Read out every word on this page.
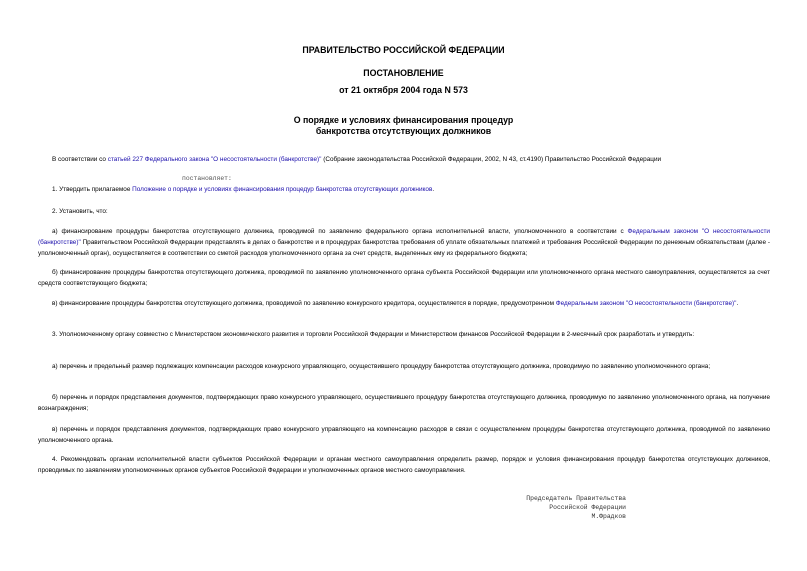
ПРАВИТЕЛЬСТВО РОССИЙСКОЙ ФЕДЕРАЦИИ

ПОСТАНОВЛЕНИЕ

от 21 октября 2004 года N 573

О порядке и условиях финансирования процедур

банкротства отсутствующих должников

В соответствии со статьей 227 Федерального закона "О несостоятельности (банкротстве)" (Собрание законодательства Российской Федерации, 2002, N 43, ст.4190) Правительство Российской Федерации

постановляет:

1. Утвердить прилагаемое Положение о порядке и условиях финансирования процедур банкротства отсутствующих должников.

2. Установить, что:

а) финансирование процедуры банкротства отсутствующего должника, проводимой по заявлению федерального органа исполнительной власти, уполномоченного в соответствии с Федеральным законом "О несостоятельности (банкротстве)" Правительством Российской Федерации представлять в делах о банкротстве и в процедурах банкротства требования об уплате обязательных платежей и требования Российской Федерации по денежным обязательствам (далее - уполномоченный орган), осуществляется в соответствии со сметой расходов уполномоченного органа за счет средств, выделенных ему из федерального бюджета;

б) финансирование процедуры банкротства отсутствующего должника, проводимой по заявлению уполномоченного органа субъекта Российской Федерации или уполномоченного органа местного самоуправления, осуществляется за счет средств соответствующего бюджета;

в) финансирование процедуры банкротства отсутствующего должника, проводимой по заявлению конкурсного кредитора, осуществляется в порядке, предусмотренном Федеральным законом "О несостоятельности (банкротстве)".

3. Уполномоченному органу совместно с Министерством экономического развития и торговли Российской Федерации и Министерством финансов Российской Федерации в 2-месячный срок разработать и утвердить:

а) перечень и предельный размер подлежащих компенсации расходов конкурсного управляющего, осуществившего процедуру банкротства отсутствующего должника, проводимую по заявлению уполномоченного органа;

б) перечень и порядок представления документов, подтверждающих право конкурсного управляющего, осуществившего процедуру банкротства отсутствующего должника, проводимую по заявлению уполномоченного органа, на получение вознаграждения;

в) перечень и порядок представления документов, подтверждающих право конкурсного управляющего на компенсацию расходов в связи с осуществлением процедуры банкротства отсутствующего должника, проводимой по заявлению уполномоченного органа.

4. Рекомендовать органам исполнительной власти субъектов Российской Федерации и органам местного самоуправления определить размер, порядок и условия финансирования процедур банкротства отсутствующих должников, проводимых по заявлениям уполномоченных органов субъектов Российской Федерации и уполномоченных органов местного самоуправления.

Председатель Правительства
Российской Федерации
М.Фрадков
